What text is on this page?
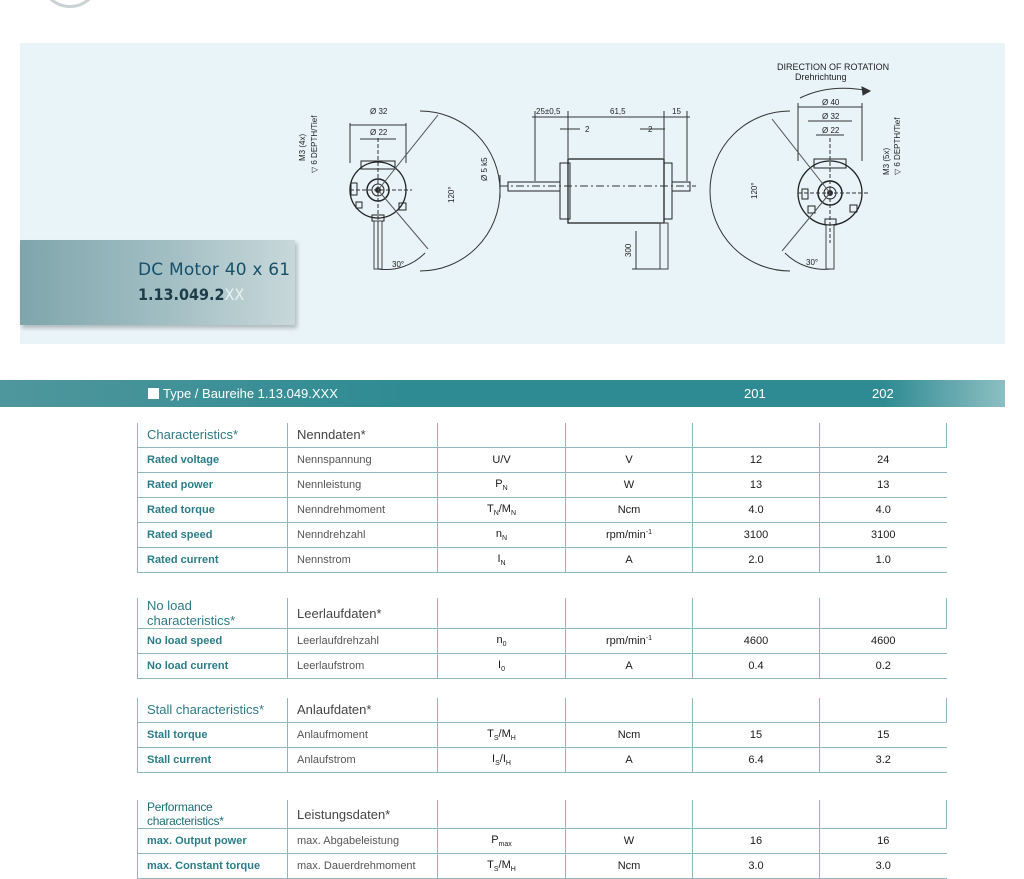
DIRECTION OF ROTATION
Drehrichtung
Ø 32
Ø 22
M3 (4x) ▽ 6 DEPTH/Tief
120°
30°
Ø 5 k5
25±0,5	61,5	15
2	2
300
Ø 40
Ø 32
Ø 22
M3 (5x) ▽ 6 DEPTH/Tief
120°
30°
DC Motor 40 x 61
1.13.049.2XX
Type / Baureihe 1.13.049.XXX	201	202
Characteristics*	Nenndaten*				
Rated voltage	Nennspannung	U/V	V	12	24
Rated power	Nennleistung	$P_N$	W	13	13
Rated torque	Nenndrehmoment	$T_N/M_N$	Ncm	4.0	4.0
Rated speed	Nenndrehzahl	$n_N$	rpm/$\min^{-1}$	3100	3100
Rated current	Nennstrom	$I_N$	A	2.0	1.0
No load characteristics*	Leerlaufdaten*				
No load speed	Leerlaufdrehzahl	$n_0$	rpm/$\min^{-1}$	4600	4600
No load current	Leerlaufstrom	$I_0$	A	0.4	0.2
Stall characteristics*	Anlaufdaten*				
Stall torque	Anlaufmoment	$T_S/M_H$	Ncm	15	15
Stall current	Anlaufstrom	$I_S/I_H$	A	6.4	3.2
Performance characteristics*	Leistungsdaten*				
max. Output power	max. Abgabeleistung	$P_{max}$	W	16	16
max. Constant torque	max. Dauerdrehmoment	$T_S/M_H$	Ncm	3.0	3.0
